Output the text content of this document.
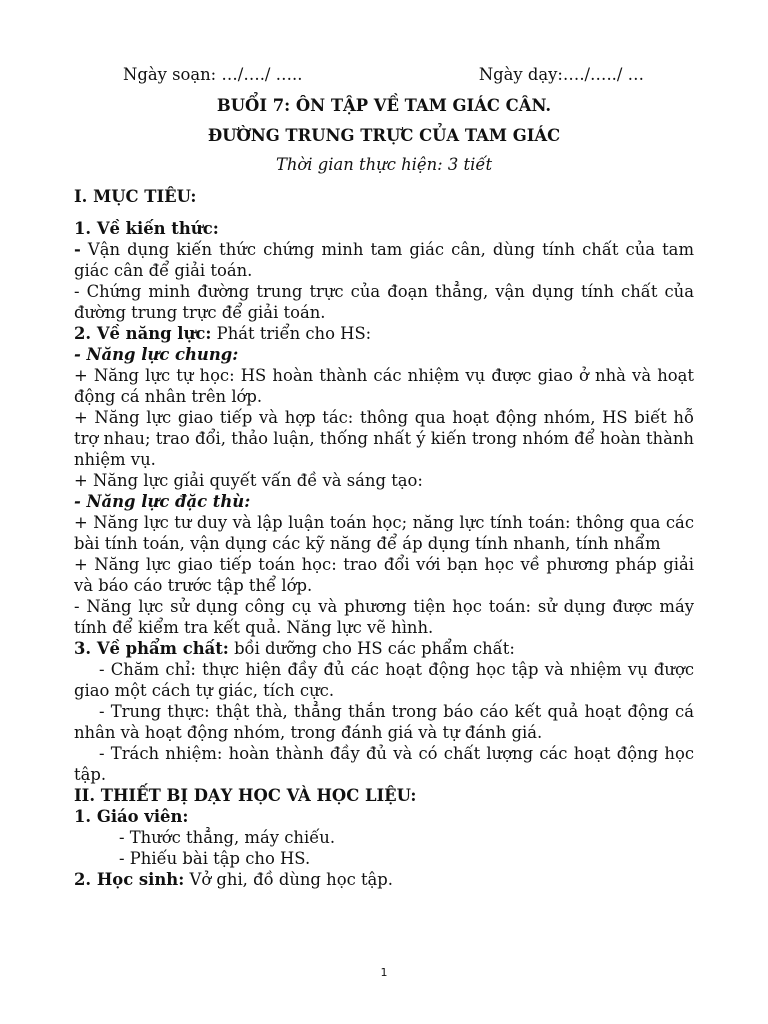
Ngày soạn: …/…./ …..	Ngày dạy:…./…../ …
BUỔI 7: ÔN TẬP VỀ TAM GIÁC CÂN.
ĐƯỜNG TRUNG TRỰC CỦA TAM GIÁC
Thời gian thực hiện: 3 tiết
I. MỤC TIÊU:
1. Về kiến thức:
- Vận dụng kiến thức chứng minh tam giác cân, dùng tính chất của tam giác cân để giải toán.
- Chứng minh đường trung trực của đoạn thẳng, vận dụng tính chất của đường trung trực để giải toán.
2. Về năng lực: Phát triển cho HS:
- Năng lực chung:
+ Năng lực tự học: HS hoàn thành các nhiệm vụ được giao ở nhà và hoạt động cá nhân trên lớp.
+ Năng lực giao tiếp và hợp tác: thông qua hoạt động nhóm, HS biết hỗ trợ nhau; trao đổi, thảo luận, thống nhất ý kiến trong nhóm để hoàn thành nhiệm vụ.
+ Năng lực giải quyết vấn đề và sáng tạo:
- Năng lực đặc thù:
+ Năng lực tư duy và lập luận toán học; năng lực tính toán: thông qua các bài tính toán, vận dụng các kỹ năng để áp dụng tính nhanh, tính nhẩm
+ Năng lực giao tiếp toán học: trao đổi với bạn học về phương pháp giải và báo cáo trước tập thể lớp.
- Năng lực sử dụng công cụ và phương tiện học toán: sử dụng được máy tính để kiểm tra kết quả. Năng lực vẽ hình.
3. Về phẩm chất: bồi dưỡng cho HS các phẩm chất:
- Chăm chỉ: thực hiện đầy đủ các hoạt động học tập và nhiệm vụ được giao một cách tự giác, tích cực.
- Trung thực: thật thà, thẳng thắn trong báo cáo kết quả hoạt động cá nhân và hoạt động nhóm, trong đánh giá và tự đánh giá.
- Trách nhiệm: hoàn thành đầy đủ và có chất lượng các hoạt động học tập.
II. THIẾT BỊ DẠY HỌC VÀ HỌC LIỆU:
1. Giáo viên:
- Thước thẳng, máy chiếu.
- Phiếu bài tập cho HS.
2. Học sinh: Vở ghi, đồ dùng học tập.
1
